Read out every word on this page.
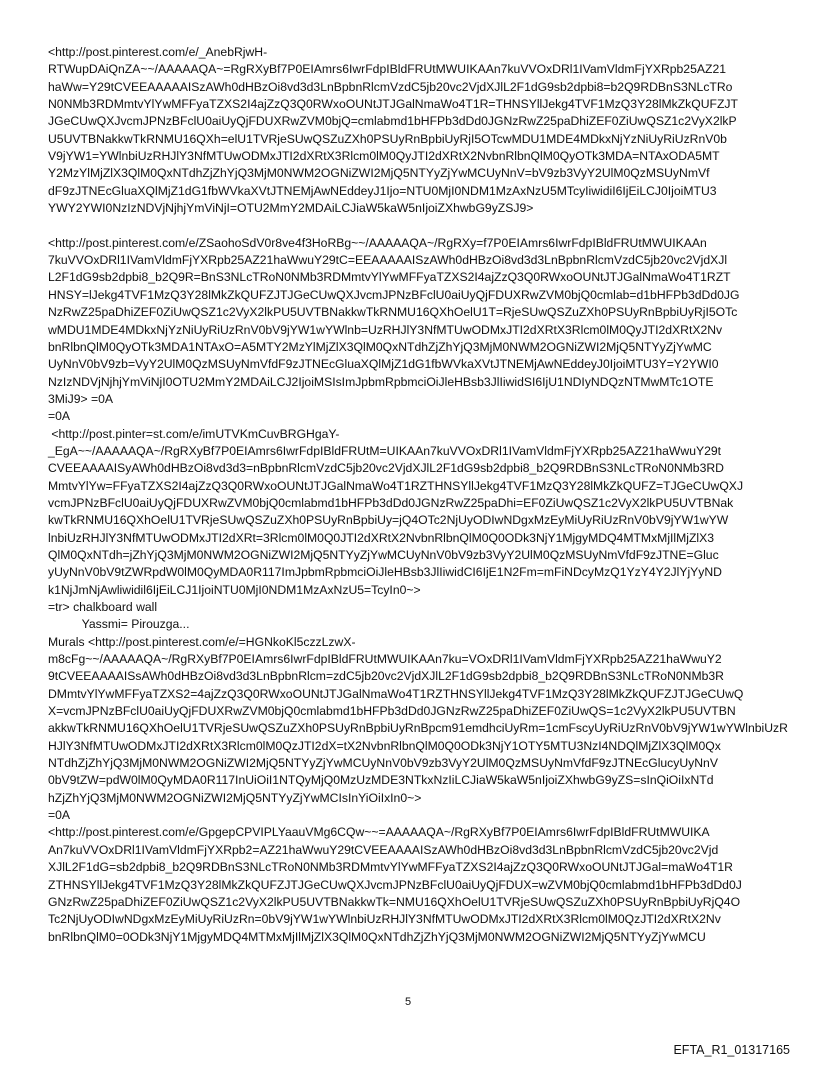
<http://post.pinterest.com/e/_AnebRjwH-
RTWupDAiQnZA~~/AAAAAQA~=RgRXyBf7P0EIAmrs6IwrFdpIBldFRUtMWUIKAAn7kuVVOxDRl1IVamVldmFjYXRpb25AZ21
haWw=Y29tCVEEAAAAAISzAWh0dHBzOi8vd3d3LnBpbnRlcmVzdC5jb20vc2VjdXJlL2F1dG9sb2dpbi8=b2Q9RDBnS3NLcTRo
N0NMb3RDMmtvYlYwMFFyaTZXS2I4ajZzQ3Q0RWxoOUNtJTJGalNmaWo4T1R=THNSYllJekg4TVF1MzQ3Y28lMkZkQUFZJT
JGeCUwQXJvcmJPNzBFclU0aiUyQjFDUXRwZVM0bjQ=cmlabmd1bHFPb3dDd0JGNzRwZ25paDhiZEF0ZiUwQSZ1c2VyX2lkP
U5UVTBNakkwTkRNMU16QXh=elU1TVRjeSUwQSZuZXh0PSUyRnBpbiUyRjI5OTcwMDU1MDE4MDkxNjYzNiUyRiUzRnV0b
V9jYW1=YWlnbiUzRHJlY3NfMTUwODMxJTI2dXRtX3Rlcm0lM0QyJTI2dXRtX2NvbnRlbnQlM0QyOTk3MDA=NTAxODA5MT
Y2MzYlMjZlX3QlM0QxNTdhZjZhYjQ3MjM0NWM2OGNiZWI2MjQ5NTYyZjYwMCUyNnV=bV9zb3VyY2UlM0QzMSUyNmVf
dF9zJTNEcGluaXQlMjZ1dG1fbWVkaXVtJTNEMjAwNEddeyJ1Ijo=NTU0MjI0NDM1MzAxNzU5MTcyIiwidiI6IjEiLCJ0IjoiMTU3
YWY2YWI0NzIzNDVjNjhjYmViNjI=OTU2MmY2MDAiLCJiaW5kaW5nIjoiZXhwbG9yZSJ9>
<http://post.pinterest.com/e/ZSaohoSdV0r8ve4f3HoRBg~~/AAAAAQA~/RgRXy=f7P0EIAmrs6IwrFdpIBldFRUtMWUIKAAn
7kuVVOxDRl1IVamVldmFjYXRpb25AZ21haWwuY29tC=EEAAAAAISzAWh0dHBzOi8vd3d3LnBpbnRlcmVzdC5jb20vc2VjdXJl
L2F1dG9sb2dpbi8_b2Q9R=BnS3NLcTRoN0NMb3RDMmtvYlYwMFFyaTZXS2I4ajZzQ3Q0RWxoOUNtJTJGalNmaWo4T1RZT
HNSY=lJekg4TVF1MzQ3Y28lMkZkQUFZJTJGeCUwQXJvcmJPNzBFclU0aiUyQjFDUXRwZVM0bjQ0cmlab=d1bHFPb3dDd0JG
NzRwZ25paDhiZEF0ZiUwQSZ1c2VyX2lkPU5UVTBNakkwTkRNMU16QXhOelU1T=RjeSUwQSZuZXh0PSUyRnBpbiUyRjI5OTc
wMDU1MDE4MDkxNjYzNiUyRiUzRnV0bV9jYW1wYWlnb=UzRHJlY3NfMTUwODMxJTI2dXRtX3Rlcm0lM0QyJTI2dXRtX2Nv
bnRlbnQlM0QyOTk3MDA1NTAxO=A5MTY2MzYlMjZlX3QlM0QxNTdhZjZhYjQ3MjM0NWM2OGNiZWI2MjQ5NTYyZjYwMC
UyNnV0bV9zb=VyY2UlM0QzMSUyNmVfdF9zJTNEcGluaXQlMjZ1dG1fbWVkaXVtJTNEMjAwNEddeyJ0IjoiMTU3Y=Y2YWI0
NzIzNDVjNjhjYmViNjI0OTU2MmY2MDAiLCJ2IjoiMSIsImJpbmRpbmciOiJleHBsb3JlIiwidSI6IjU1NDIyNDQzNTMwMTc1OTE
3MiJ9> =0A
=0A
<http://post.pinter=st.com/e/imUTVKmCuvBRGHgaY-
_EgA~~/AAAAAQA~/RgRXyBf7P0EIAmrs6IwrFdpIBldFRUtM=UIKAAn7kuVVOxDRl1IVamVldmFjYXRpb25AZ21haWwuY29t
CVEEAAAAISyAWh0dHBzOi8vd3d3=nBpbnRlcmVzdC5jb20vc2VjdXJlL2F1dG9sb2dpbi8_b2Q9RDBnS3NLcTRoN0NMb3RD
MmtvYlYw=FFyaTZXS2I4ajZzQ3Q0RWxoOUNtJTJGalNmaWo4T1RZTHNSYllJekg4TVF1MzQ3Y28lMkZkQUFZ=TJGeCUwQXJ
vcmJPNzBFclU0aiUyQjFDUXRwZVM0bjQ0cmlabmd1bHFPb3dDd0JGNzRwZ25paDhi=EF0ZiUwQSZ1c2VyX2lkPU5UVTBNak
kwTkRNMU16QXhOelU1TVRjeSUwQSZuZXh0PSUyRnBpbiUy=jQ4OTc2NjUyODIwNDgxMzEyMiUyRiUzRnV0bV9jYW1wYW
lnbiUzRHJlY3NfMTUwODMxJTI2dXRt=3Rlcm0lM0Q0JTI2dXRtX2NvbnRlbnQlM0Q0ODk3NjY1MjgyMDQ4MTMxMjIlMjZlX3
QlM0QxNTdh=jZhYjQ3MjM0NWM2OGNiZWI2MjQ5NTYyZjYwMCUyNnV0bV9zb3VyY2UlM0QzMSUyNmVfdF9zJTNE=Gluc
yUyNnV0bV9tZWRpdW0lM0QyMDA0R117ImJpbmRpbmciOiJleHBsb3JlIiwidCI6IjE1N2Fm=mFiNDcyMzQ1YzY4Y2JlYjYyND
k1NjJmNjAwliwidil6IjEiLCJ1IjoiNTU0MjI0NDM1MzAxNzU5=TcyIn0~>
=tr> chalkboard wall
Yassmi= Pirouzga...
Murals <http://post.pinterest.com/e/=HGNkoKl5czzLzwX-
m8cFg~~/AAAAAQA~/RgRXyBf7P0EIAmrs6IwrFdpIBldFRUtMWUIKAAn7ku=VOxDRl1IVamVldmFjYXRpb25AZ21haWwuY2
9tCVEEAAAAISsAWh0dHBzOi8vd3d3LnBpbnRlcm=zdC5jb20vc2VjdXJlL2F1dG9sb2dpbi8_b2Q9RDBnS3NLcTRoN0NMb3R
DMmtvYlYwMFFyaTZXS2=4ajZzQ3Q0RWxoOUNtJTJGalNmaWo4T1RZTHNSYllJekg4TVF1MzQ3Y28lMkZkQUFZJTJGeCUwQ
X=vcmJPNzBFclU0aiUyQjFDUXRwZVM0bjQ0cmlabmd1bHFPb3dDd0JGNzRwZ25paDhiZEF0ZiUwQS=1c2VyX2lkPU5UVTBN
akkwTkRNMU16QXhOelU1TVRjeSUwQSZuZXh0PSUyRnBpbiUyRnBpcm91emdhciUyRm=1cmFscyUyRiUzRnV0bV9jYW1wYWlnbiUzR
HJlY3NfMTUwODMxJTI2dXRtX3Rlcm0lM0QzJTI2dX=tX2NvbnRlbnQlM0Q0ODk3NjY1OTY5MTU3NzI4NDQlMjZlX3QlM0Qx
NTdhZjZhYjQ3MjM0NWM2OGNiZWI2MjQ5NTYyZjYwMCUyNnV0bV9zb3VyY2UlM0QzMSUyNmVfdF9zJTNEcGlucyUyNnV
0bV9tZW=pdW0lM0QyMDA0R117InUiOiI1NTQyMjQ0MzUzMDE3NTkxNzIiLCJiaW5kaW5nIjoiZXhwbG9yZS=sInQiOiIxNTd
hZjZhYjQ3MjM0NWM2OGNiZWI2MjQ5NTYyZjYwMCIsInYiOiIxIn0~>
=0A
<http://post.pinterest.com/e/GpgepCPVIPLYaauVMg6CQw~~=AAAAAQA~/RgRXyBf7P0EIAmrs6IwrFdpIBldFRUtMWUIKA
An7kuVVOxDRl1IVamVldmFjYXRpb2=AZ21haWwuY29tCVEEAAAAISzAWh0dHBzOi8vd3d3LnBpbnRlcmVzdC5jb20vc2Vjd
XJlL2F1dG=sb2dpbi8_b2Q9RDBnS3NLcTRoN0NMb3RDMmtvYlYwMFFyaTZXS2I4ajZzQ3Q0RWxoOUNtJTJGal=maWo4T1R
ZTHNSYllJekg4TVF1MzQ3Y28lMkZkQUFZJTJGeCUwQXJvcmJPNzBFclU0aiUyQjFDUX=wZVM0bjQ0cmlabmd1bHFPb3dDd0J
GNzRwZ25paDhiZEF0ZiUwQSZ1c2VyX2lkPU5UVTBNakkwTk=NMU16QXhOelU1TVRjeSUwQSZuZXh0PSUyRnBpbiUyRjQ4O
Tc2NjUyODIwNDgxMzEyMiUyRiUzRn=0bV9jYW1wYWlnbiUzRHJlY3NfMTUwODMxJTI2dXRtX3Rlcm0lM0QzJTI2dXRtX2Nv
bnRlbnQlM0=0ODk3NjY1MjgyMDQ4MTMxMjIlMjZlX3QlM0QxNTdhZjZhYjQ3MjM0NWM2OGNiZWI2MjQ5NTYyZjYwMCU
5
EFTA_R1_01317165
